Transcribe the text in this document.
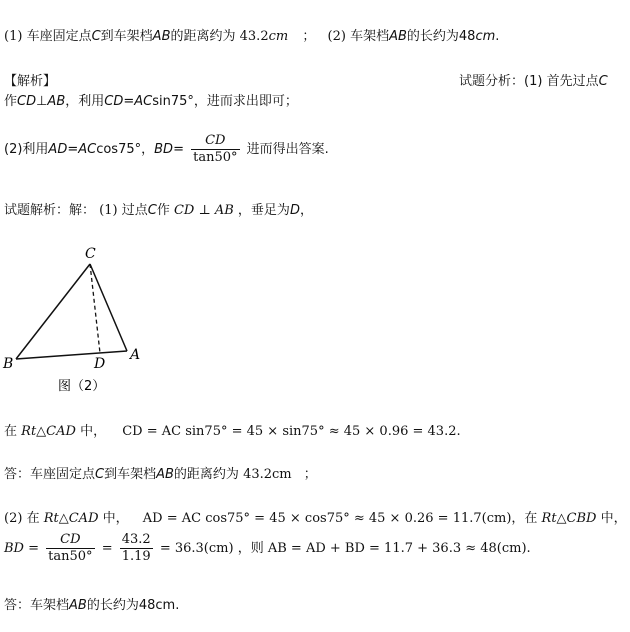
(1) 车座固定点C到车架档AB的距离约为 43.2cm ； (2) 车架档AB的长约为48cm.
【解析】	试题分析：(1) 首先过点C
作CD⊥AB，利用CD=ACsin75°，进而求出即可；
(2)利用AD=ACcos75°，$BD= \frac{CD}{\tan 50^\circ}$ 进而得出答案.
试题解析：解： (1) 过点C作 CD ⊥ AB ，垂足为D，
C
B	D
A
图（2）
在 Rt△CAD 中， CD = AC sin75° = 45 × sin75° ≈ 45 × 0.96 = 43.2.
答：车座固定点C到车架档AB的距离约为 43.2cm ；
(2) 在 Rt△CAD 中， AD = AC cos75° = 45 × cos75° ≈ 45 × 0.26 = 11.7(cm)，在 Rt△CBD 中，
BD = $\frac{CD}{\tan 50^\circ} = \frac{43.2}{1.19} = 36.3(cm)$ ，则 AB = AD + BD = 11.7 + 36.3 ≈ 48(cm).
答：车架档AB的长约为48cm.
